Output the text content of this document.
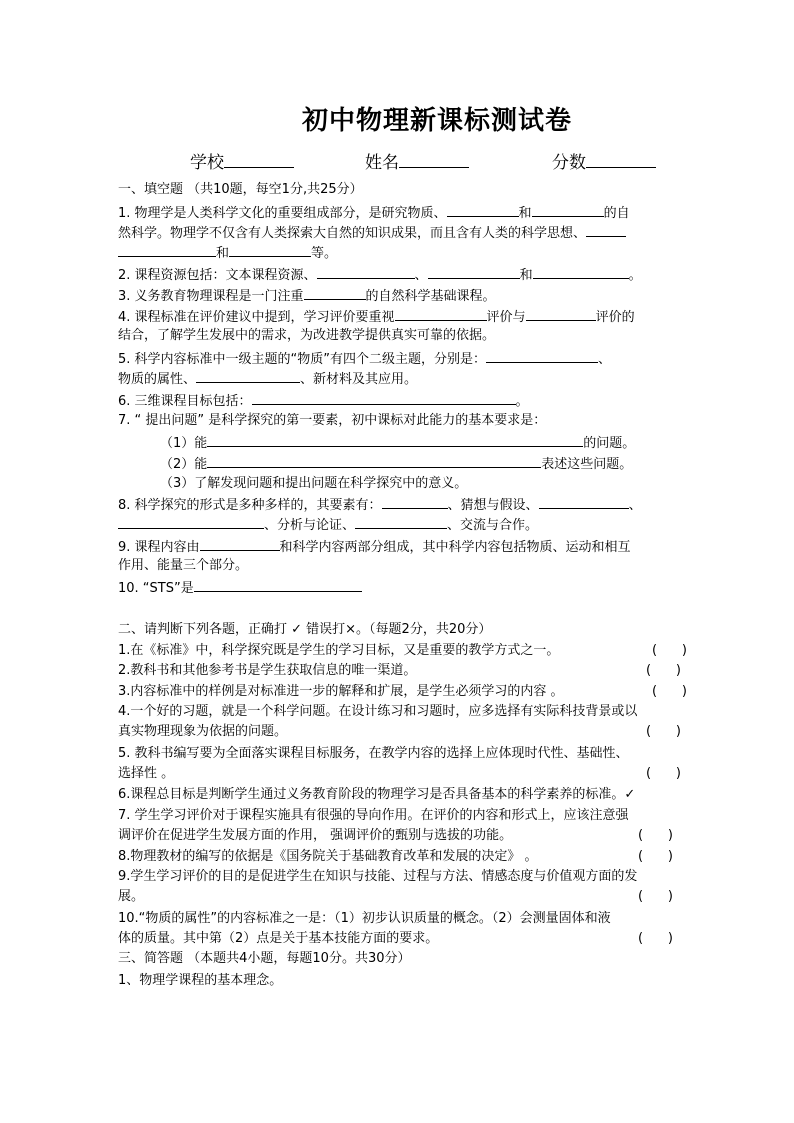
初中物理新课标测试卷
学校	姓名	分数
一、填空题 （共10题，每空1分,共25分）
1. 物理学是人类科学文化的重要组成部分，是研究物质、	和	的自
然科学。物理学不仅含有人类探索大自然的知识成果，而且含有人类的科学思想、
和	等。
2. 课程资源包括：文本课程资源、	、	和	。
3. 义务教育物理课程是一门注重	的自然科学基础课程。
4. 课程标准在评价建议中提到，学习评价要重视	评价与	评价的
结合，了解学生发展中的需求，为改进教学提供真实可靠的依据。
5. 科学内容标准中一级主题的“物质”有四个二级主题，分别是：	、
物质的属性、	、新材料及其应用。
6. 三维课程目标包括：	。
7. “ 提出问题” 是科学探究的第一要素，初中课标对此能力的基本要求是：
（1）能	的问题。
（2）能	表述这些问题。
（3）了解发现问题和提出问题在科学探究中的意义。
8. 科学探究的形式是多种多样的，其要素有：	、猜想与假设、	、
、分析与论证、	、交流与合作。
9. 课程内容由	和科学内容两部分组成，其中科学内容包括物质、运动和相互
作用、能量三个部分。
10. “STS”是
二、请判断下列各题，正确打 ✓ 错误打×。（每题2分，共20分）
1.在《标准》中，科学探究既是学生的学习目标，又是重要的教学方式之一。	(      )
2.教科书和其他参考书是学生获取信息的唯一渠道。	(      )
3.内容标准中的样例是对标准进一步的解释和扩展，是学生必须学习的内容 。	(      )
4.一个好的习题，就是一个科学问题。在设计练习和习题时，应多选择有实际科技背景或以
真实物理现象为依据的问题。	(      )
5. 教科书编写要为全面落实课程目标服务，在教学内容的选择上应体现时代性、基础性、
选择性 。	(      )
6.课程总目标是判断学生通过义务教育阶段的物理学习是否具备基本的科学素养的标准。✓
7. 学生学习评价对于课程实施具有很强的导向作用。在评价的内容和形式上，应该注意强
调评价在促进学生发展方面的作用， 强调评价的甄别与选拔的功能。	(      )
8.物理教材的编写的依据是《国务院关于基础教育改革和发展的决定》 。	(      )
9.学生学习评价的目的是促进学生在知识与技能、过程与方法、情感态度与价值观方面的发
展。	(      )
10.“物质的属性”的内容标准之一是：（1）初步认识质量的概念。（2）会测量固体和液
体的质量。其中第（2）点是关于基本技能方面的要求。	(      )
三、简答题 （本题共4小题，每题10分。共30分）
1、物理学课程的基本理念。
